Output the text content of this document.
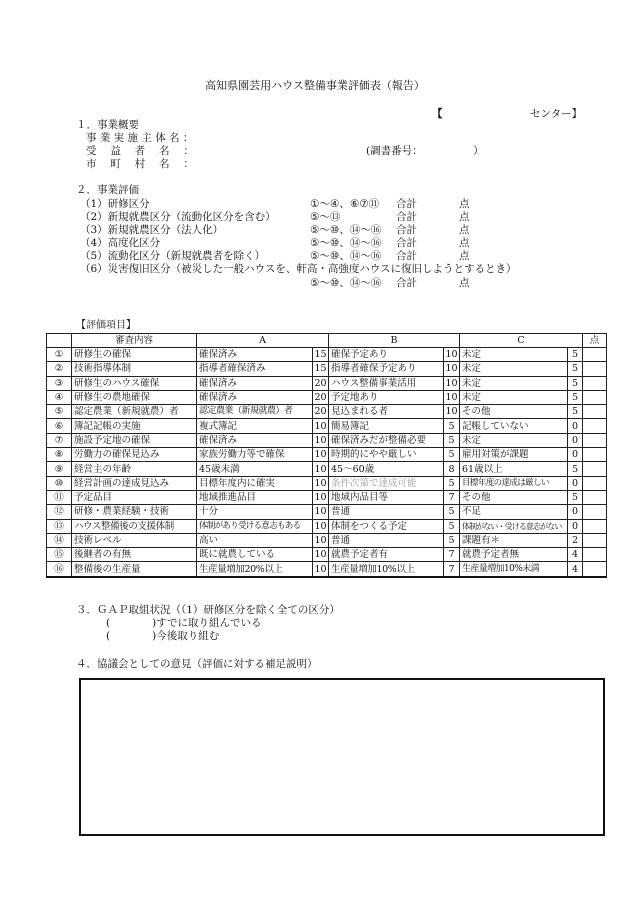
高知県園芸用ハウス整備事業評価表（報告）
【	センター】
１．事業概要
事 業 実 施 主 体 名 ：
受　 益　 者　 名 　：	(調書番号：　　　　　 ）
市　 町　 村　 名 　：
２．事業評価
（1）研修区分	①〜④、⑥⑦⑪ 合計	点
（2）新規就農区分（流動化区分を含む）	⑤〜⑬	合計	点
（3）新規就農区分（法人化）	⑤〜⑩、⑭〜⑯ 合計	点
（4）高度化区分	⑤〜⑩、⑭〜⑯ 合計	点
（5）流動化区分（新規就農者を除く）	⑤〜⑩、⑭〜⑯ 合計	点
（6）災害復旧区分（被災した一般ハウスを、軒高・高強度ハウスに復旧しようとするとき）
⑤〜⑩、⑭〜⑯ 合計	点
【評価項目】
	審査内容	A		B		C		点
①	研修生の確保	確保済み	15	確保予定あり	10	未定	5	
②	技術指導体制	指導者確保済み	15	指導者確保予定あり	10	未定	5	
③	研修生のハウス確保	確保済み	20	ハウス整備事業活用	10	未定	5	
④	研修生の農地確保	確保済み	20	予定地あり	10	未定	5	
⑤	認定農業（新規就農）者	認定農業（新規就農）者	20	見込まれる者	10	その他	5	
⑥	簿記記帳の実施	複式簿記	10	簡易簿記	5	記帳していない	0	
⑦	施設予定地の確保	確保済み	10	確保済みだが整備必要	5	未定	0	
⑧	労働力の確保見込み	家族労働力等で確保	10	時期的にやや厳しい	5	雇用対策が課題	0	
⑨	経営主の年齢	45歳未満	10	45〜60歳	8	61歳以上	5	
⑩	経営計画の達成見込み	目標年度内に確実	10	条件次第で達成可能	5	目標年度の達成は厳しい	0	
⑪	予定品目	地域推進品目	10	地域内品目等	7	その他	5	
⑫	研修・農業経験・技術	十分	10	普通	5	不足	0	
⑬	ハウス整備後の支援体制	体制があり受ける意志もある	10	体制をつくる予定	5	体制がない・受ける意志がない	0	
⑭	技術レベル	高い	10	普通	5	課題有＊	2	
⑮	後継者の有無	既に就農している	10	就農予定者有	7	就農予定者無	4	
⑯	整備後の生産量	生産量増加20%以上	10	生産量増加10%以上	7	生産量増加10%未満	4	
３．ＧＡＰ取組状況（（1）研修区分を除く全ての区分）
(　　　　)すでに取り組んでいる
(　　　　)今後取り組む
４．協議会としての意見（評価に対する補足説明）
